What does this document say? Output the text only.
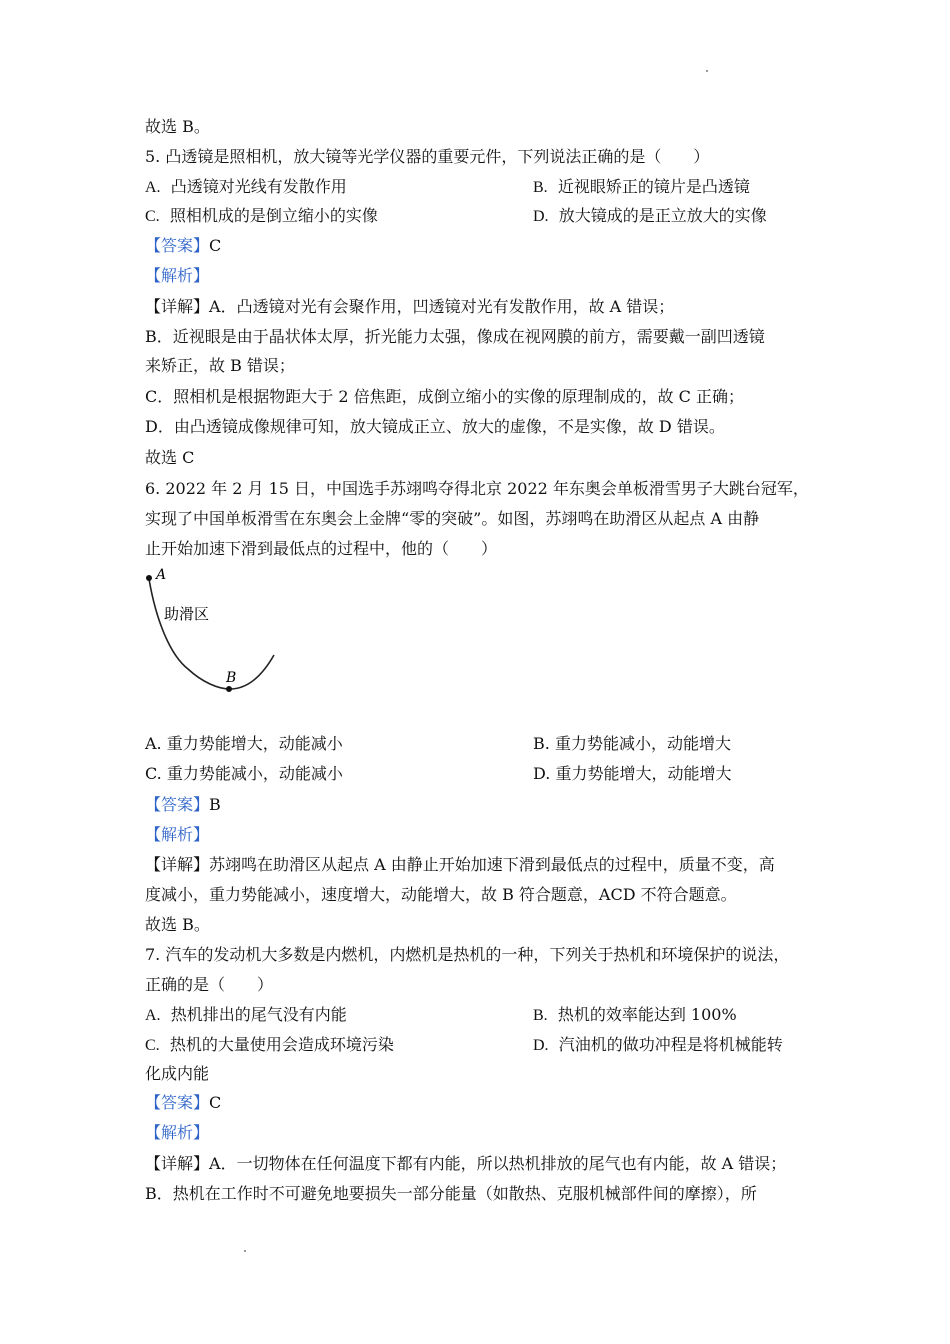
故选 B。
5. 凸透镜是照相机，放大镜等光学仪器的重要元件，下列说法正确的是（　　）
A. 凸透镜对光线有发散作用	B. 近视眼矫正的镜片是凸透镜
C. 照相机成的是倒立缩小的实像	D. 放大镜成的是正立放大的实像
【答案】C
【解析】
【详解】A．凸透镜对光有会聚作用，凹透镜对光有发散作用，故 A 错误；
B．近视眼是由于晶状体太厚，折光能力太强，像成在视网膜的前方，需要戴一副凹透镜
来矫正，故 B 错误；
C．照相机是根据物距大于 2 倍焦距，成倒立缩小的实像的原理制成的，故 C 正确；
D．由凸透镜成像规律可知，放大镜成正立、放大的虚像，不是实像，故 D 错误。
故选 C
6. 2022 年 2 月 15 日，中国选手苏翊鸣夺得北京 2022 年东奥会单板滑雪男子大跳台冠军，
实现了中国单板滑雪在东奥会上金牌“零的突破”。如图，苏翊鸣在助滑区从起点 A 由静
止开始加速下滑到最低点的过程中，他的（　　）
A
B
助滑区
A. 重力势能增大，动能减小	B. 重力势能减小，动能增大
C. 重力势能减小，动能减小	D. 重力势能增大，动能增大
【答案】B
【解析】
【详解】苏翊鸣在助滑区从起点 A 由静止开始加速下滑到最低点的过程中，质量不变，高
度减小，重力势能减小，速度增大，动能增大，故 B 符合题意，ACD 不符合题意。
故选 B。
7. 汽车的发动机大多数是内燃机，内燃机是热机的一种，下列关于热机和环境保护的说法，
正确的是（　　）
A. 热机排出的尾气没有内能	B. 热机的效率能达到 100%
C. 热机的大量使用会造成环境污染	D. 汽油机的做功冲程是将机械能转
化成内能
【答案】C
【解析】
【详解】A．一切物体在任何温度下都有内能，所以热机排放的尾气也有内能，故 A 错误；
B．热机在工作时不可避免地要损失一部分能量（如散热、克服机械部件间的摩擦），所
